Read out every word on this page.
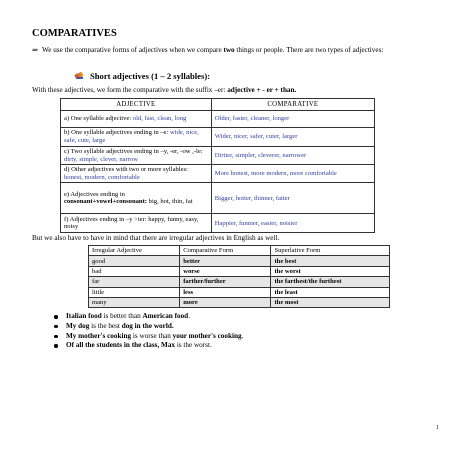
COMPARATIVES
⇒ We use the comparative forms of adjectives when we compare two things or people. There are two types of adjectives:
Short adjectives (1 – 2 syllables):
With these adjectives, we form the comparative with the suffix –er: adjective + - er + than.
ADJECTIVE	COMPARATIVE
a) One syllable adjective: old, fast, clean, long	Older, faster, cleaner, longer
b) One syllable adjectives ending in –e: wide, nice, safe, cute, large	Wider, nicer, safer, cuter, larger
c) Two syllable adjectives ending in –y, -er, -ow ,-le: dirty, simple, clever, narrow	Dirtier, simpler, cleverer, narrower
d) Other adjectives with two or more syllables: honest, modern, comfortable	More honest, more modern, more comfortable
e) Adjectives ending in consonant+vowel+consonant: big, hot, thin, fat	Bigger, hotter, thinner, fatter
f) Adjectives ending in –y >ier: happy, funny, easy, noisy	Happier, funnier, easier, noisier
But we also have to have in mind that there are irregular adjectives in English as well.
Irregular Adjective	Comparative Form	Superlative Form
good	better	the best
bad	worse	the worst
far	farther/further	the farthest/the furthest
little	less	the least
many	more	the most
Italian food is better than American food.
My dog is the best dog in the world.
My mother's cooking is worse than your mother's cooking.
Of all the students in the class, Max is the worst.
1
